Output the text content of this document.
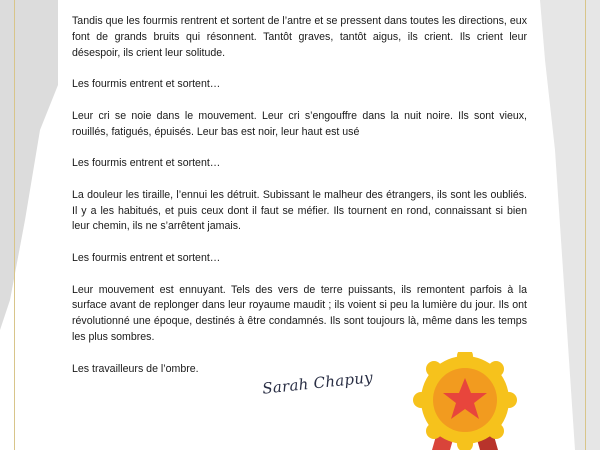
Tandis que les fourmis rentrent et sortent de l’antre et se pressent dans toutes les directions, eux font de grands bruits qui résonnent. Tantôt graves, tantôt aigus, ils crient. Ils crient leur désespoir, ils crient leur solitude.

Les fourmis entrent et sortent…

Leur cri se noie dans le mouvement. Leur cri s’engouffre dans la nuit noire. Ils sont vieux, rouillés, fatigués, épuisés. Leur bas est noir, leur haut est usé

Les fourmis entrent et sortent…

La douleur les tiraille, l’ennui les détruit. Subissant le malheur des étrangers, ils sont les oubliés. Il y a les habitués, et puis ceux dont il faut se méfier. Ils tournent en rond, connaissant si bien leur chemin, ils ne s’arrêtent jamais.

Les fourmis entrent et sortent…

Leur mouvement est ennuyant. Tels des vers de terre puissants, ils remontent parfois à la surface avant de replonger dans leur royaume maudit ; ils voient si peu la lumière du jour. Ils ont révolutionné une époque, destinés à être condamnés. Ils sont toujours là, même dans les temps les plus sombres.

Les travailleurs de l’ombre.	Sarah Chapuy
